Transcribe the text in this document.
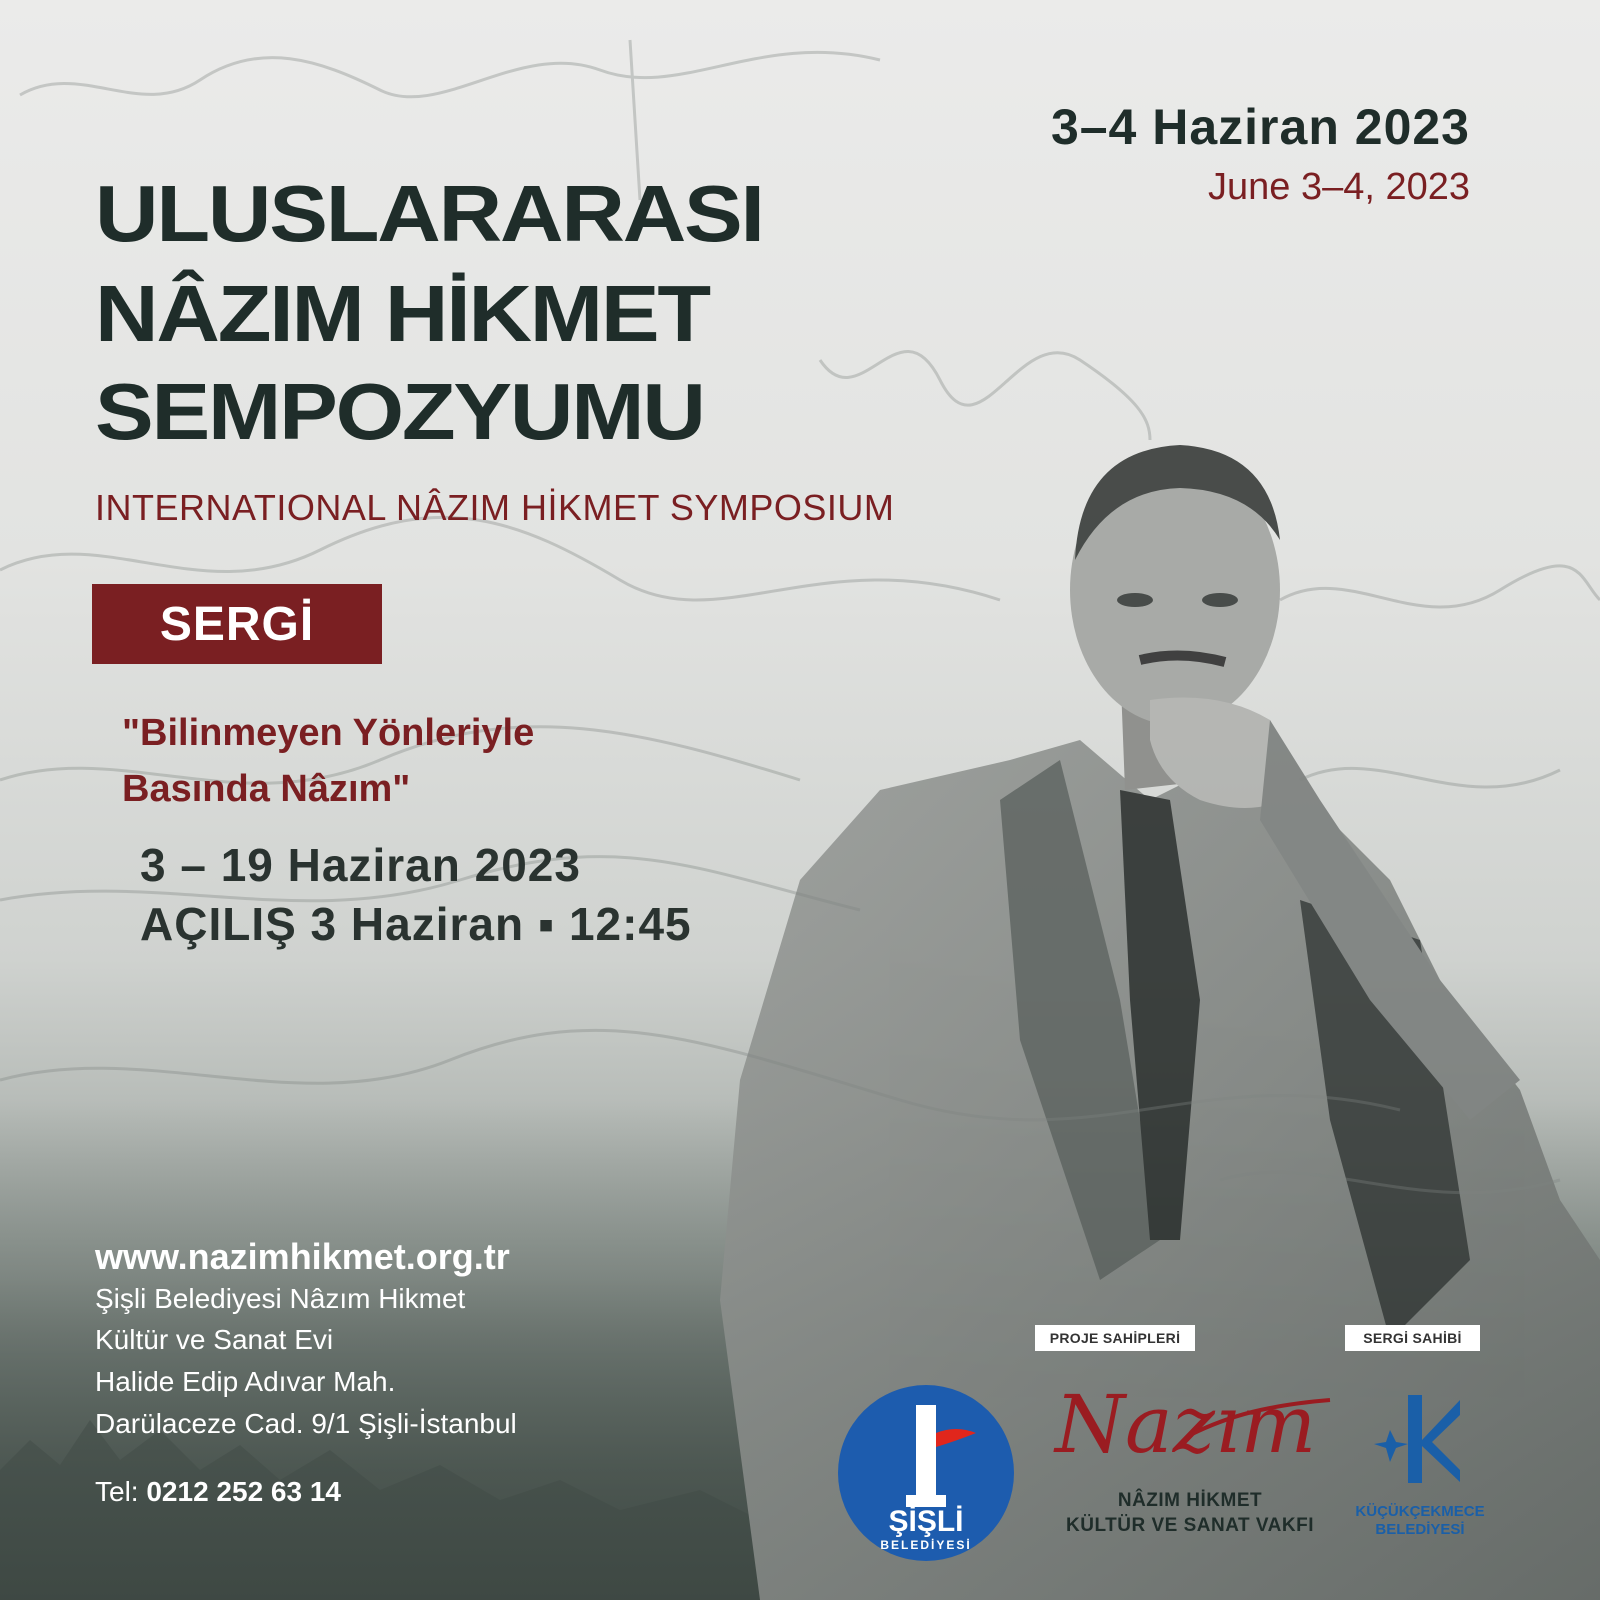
3–4 Haziran 2023
June 3–4, 2023
ULUSLARARASI
NÂZIM HİKMET
SEMPOZYUMU
INTERNATIONAL NÂZIM HİKMET SYMPOSIUM
SERGİ
"Bilinmeyen Yönleriyle
Basında Nâzım"
3 – 19 Haziran 2023
AÇILIŞ 3 Haziran ▪ 12:45
www.nazimhikmet.org.tr
Şişli Belediyesi Nâzım Hikmet
Kültür ve Sanat Evi
Halide Edip Adıvar Mah.
Darülaceze Cad. 9/1 Şişli-İstanbul
Tel: 0212 252 63 14
PROJE SAHİPLERİ	SERGİ SAHİBİ
ŞİŞLİ
BELEDİYESİ
Nazım
NÂZIM HİKMET
KÜLTÜR VE SANAT VAKFI
KÜÇÜKÇEKMECE
BELEDİYESİ
